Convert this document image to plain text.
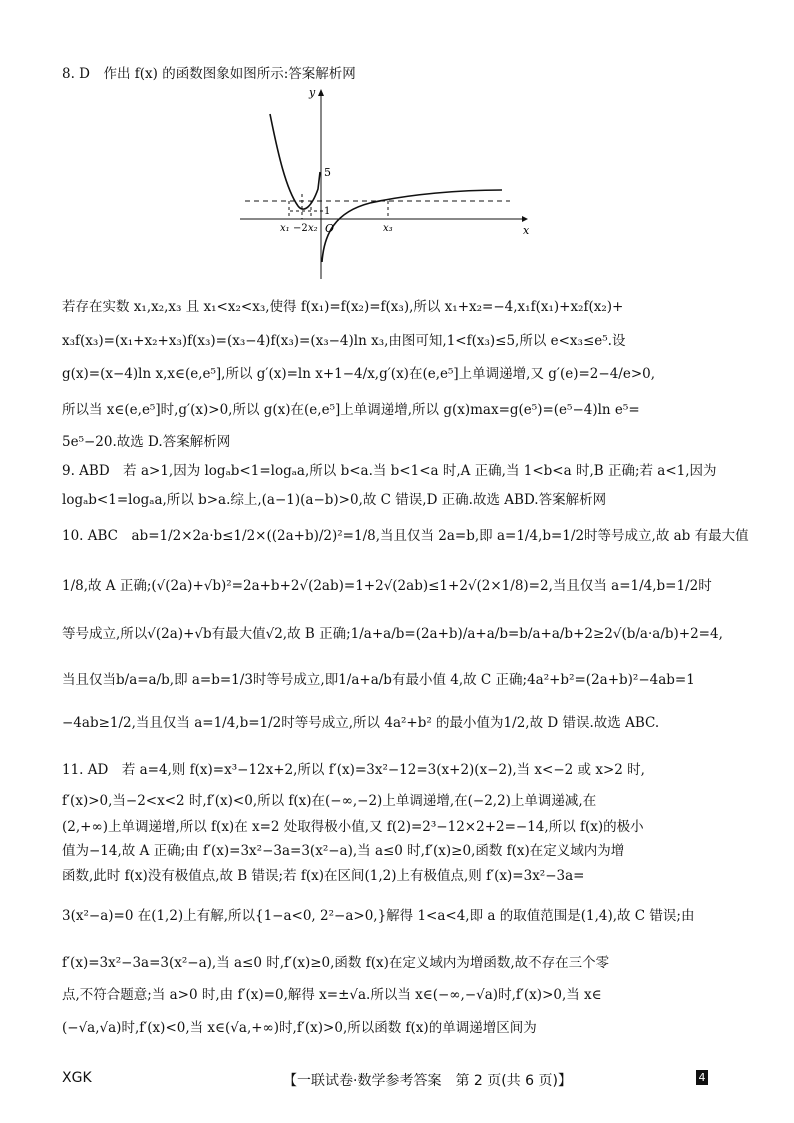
8. D　作出 f(x) 的函数图象如图所示:答案解析网
y
x
5
1
O
x₁ −2 x₂	x₃
若存在实数 x₁,x₂,x₃ 且 x₁<x₂<x₃,使得 f(x₁)=f(x₂)=f(x₃),所以 x₁+x₂=−4,x₁f(x₁)+x₂f(x₂)+
x₃f(x₃)=(x₁+x₂+x₃)f(x₃)=(x₃−4)f(x₃)=(x₃−4)ln x₃,由图可知,1<f(x₃)≤5,所以 e<x₃≤e⁵.设
g(x)=(x−4)ln x,x∈(e,e⁵],所以 g′(x)=ln x+1−4/x,g′(x)在(e,e⁵]上单调递增,又 g′(e)=2−4/e>0,
所以当 x∈(e,e⁵]时,g′(x)>0,所以 g(x)在(e,e⁵]上单调递增,所以 g(x)max=g(e⁵)=(e⁵−4)ln e⁵=
5e⁵−20.故选 D.答案解析网
9. ABD　若 a>1,因为 logₐb<1=logₐa,所以 b<a.当 b<1<a 时,A 正确,当 1<b<a 时,B 正确;若 a<1,因为
logₐb<1=logₐa,所以 b>a.综上,(a−1)(a−b)>0,故 C 错误,D 正确.故选 ABD.答案解析网
10. ABC　ab=1/2×2a·b≤1/2×((2a+b)/2)²=1/8,当且仅当 2a=b,即 a=1/4,b=1/2时等号成立,故 ab 有最大值
1/8,故 A 正确;(√(2a)+√b)²=2a+b+2√(2ab)=1+2√(2ab)≤1+2√(2×1/8)=2,当且仅当 a=1/4,b=1/2时
等号成立,所以√(2a)+√b有最大值√2,故 B 正确;1/a+a/b=(2a+b)/a+a/b=b/a+a/b+2≥2√(b/a·a/b)+2=4,
当且仅当b/a=a/b,即 a=b=1/3时等号成立,即1/a+a/b有最小值 4,故 C 正确;4a²+b²=(2a+b)²−4ab=1
−4ab≥1/2,当且仅当 a=1/4,b=1/2时等号成立,所以 4a²+b² 的最小值为1/2,故 D 错误.故选 ABC.
11. AD　若 a=4,则 f(x)=x³−12x+2,所以 f′(x)=3x²−12=3(x+2)(x−2),当 x<−2 或 x>2 时,
f′(x)>0,当−2<x<2 时,f′(x)<0,所以 f(x)在(−∞,−2)上单调递增,在(−2,2)上单调递减,在
(2,+∞)上单调递增,所以 f(x)在 x=2 处取得极小值,又 f(2)=2³−12×2+2=−14,所以 f(x)的极小
值为−14,故 A 正确;由 f′(x)=3x²−3a=3(x²−a),当 a≤0 时,f′(x)≥0,函数 f(x)在定义域内为增
函数,此时 f(x)没有极值点,故 B 错误;若 f(x)在区间(1,2)上有极值点,则 f′(x)=3x²−3a=
3(x²−a)=0 在(1,2)上有解,所以{1−a<0, 2²−a>0,}解得 1<a<4,即 a 的取值范围是(1,4),故 C 错误;由
f′(x)=3x²−3a=3(x²−a),当 a≤0 时,f′(x)≥0,函数 f(x)在定义域内为增函数,故不存在三个零
点,不符合题意;当 a>0 时,由 f′(x)=0,解得 x=±√a.所以当 x∈(−∞,−√a)时,f′(x)>0,当 x∈
(−√a,√a)时,f′(x)<0,当 x∈(√a,+∞)时,f′(x)>0,所以函数 f(x)的单调递增区间为
XGK	【一联试卷·数学参考答案　第 2 页(共 6 页)】	4
